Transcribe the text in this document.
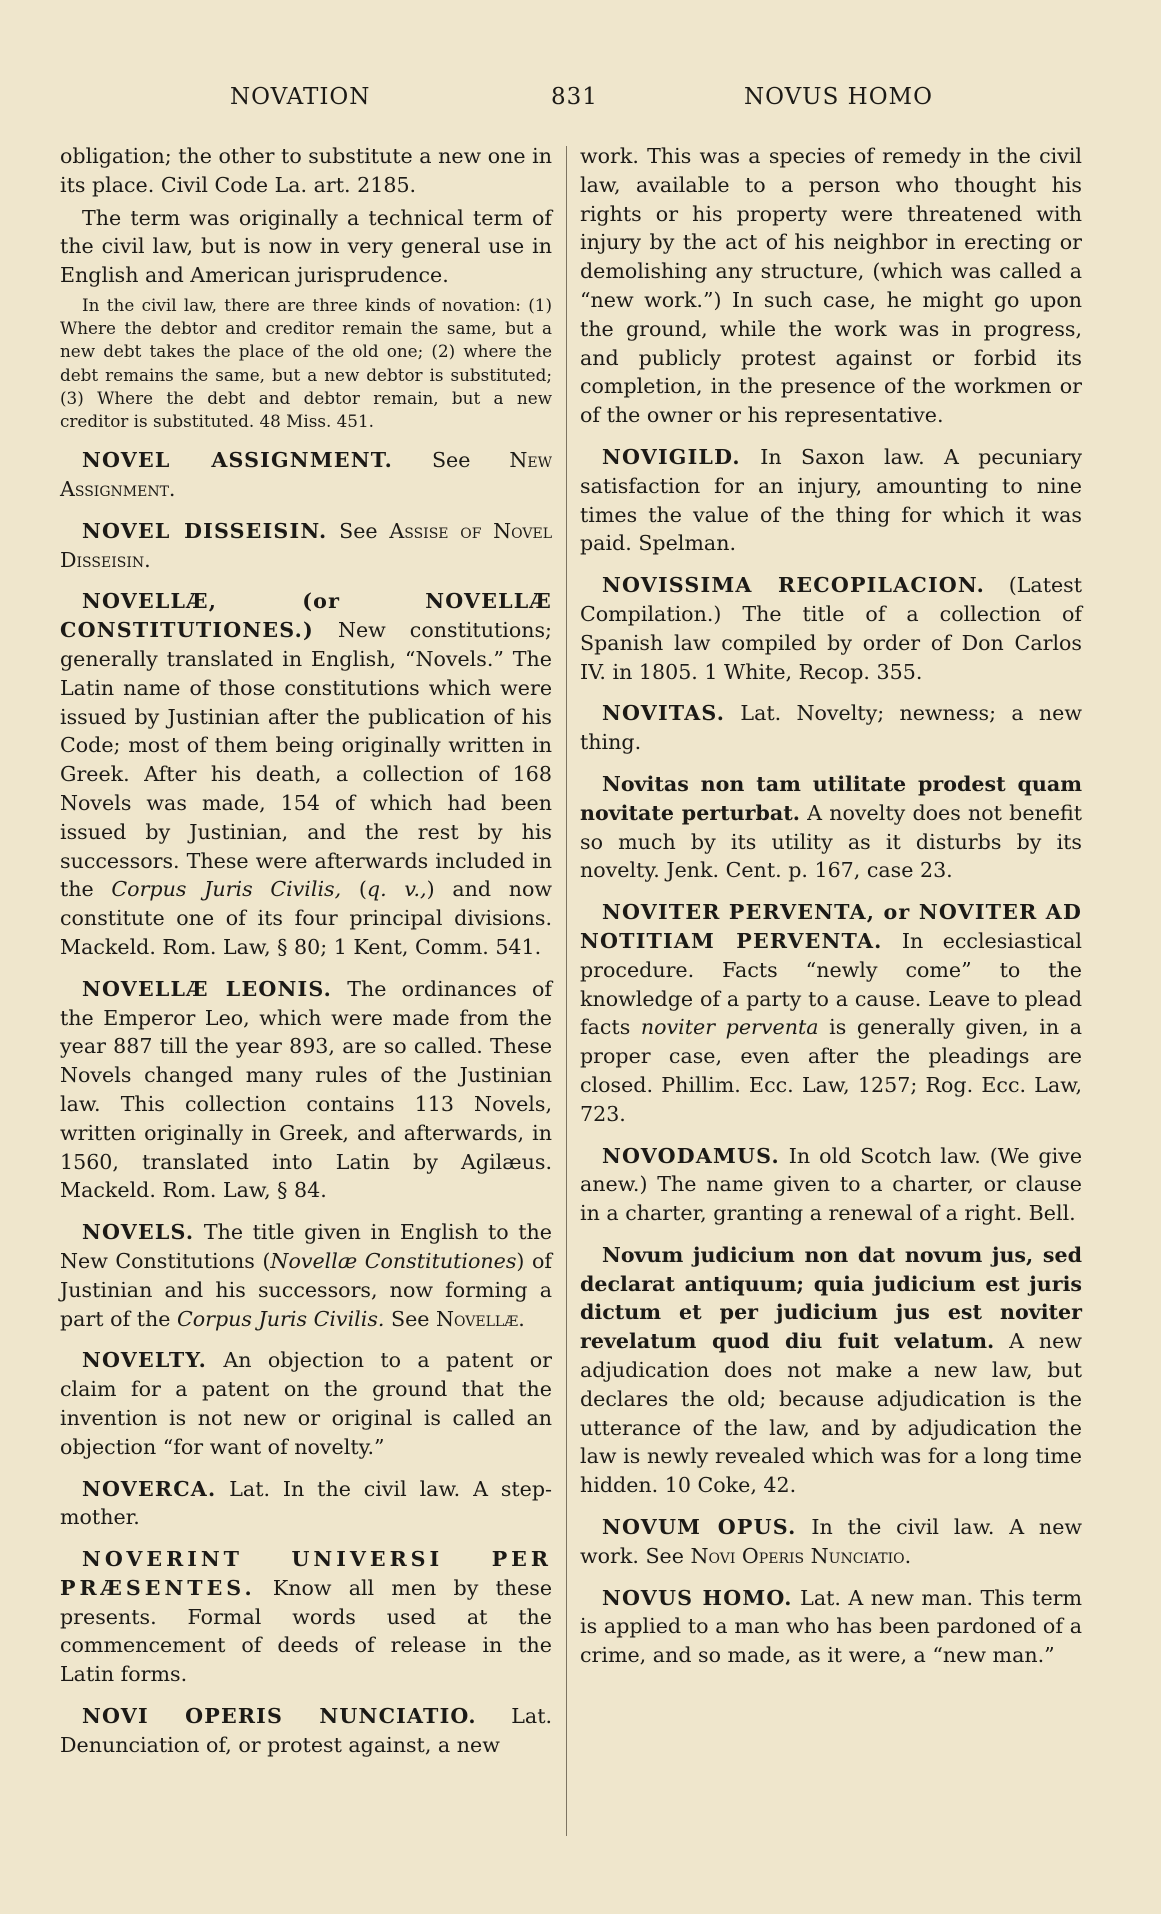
NOVATION	831	NOVUS HOMO

obligation; the other to substitute a new one in its place. Civil Code La. art. 2185.

The term was originally a technical term of the civil law, but is now in very general use in English and American jurisprudence.

In the civil law, there are three kinds of novation: (1) Where the debtor and creditor remain the same, but a new debt takes the place of the old one; (2) where the debt remains the same, but a new debtor is substituted; (3) Where the debt and debtor remain, but a new creditor is substituted. 48 Miss. 451.

NOVEL ASSIGNMENT. See New Assignment.

NOVEL DISSEISIN. See Assise of Novel Disseisin.

NOVELLÆ, (or NOVELLÆ CONSTITUTIONES.) New constitutions; generally translated in English, “Novels.” The Latin name of those constitutions which were issued by Justinian after the publication of his Code; most of them being originally written in Greek. After his death, a collection of 168 Novels was made, 154 of which had been issued by Justinian, and the rest by his successors. These were afterwards included in the Corpus Juris Civilis, (q. v.,) and now constitute one of its four principal divisions. Mackeld. Rom. Law, § 80; 1 Kent, Comm. 541.

NOVELLÆ LEONIS. The ordinances of the Emperor Leo, which were made from the year 887 till the year 893, are so called. These Novels changed many rules of the Justinian law. This collection contains 113 Novels, written originally in Greek, and afterwards, in 1560, translated into Latin by Agilæus. Mackeld. Rom. Law, § 84.

NOVELS. The title given in English to the New Constitutions (Novellæ Constitutiones) of Justinian and his successors, now forming a part of the Corpus Juris Civilis. See Novellæ.

NOVELTY. An objection to a patent or claim for a patent on the ground that the invention is not new or original is called an objection “for want of novelty.”

NOVERCA. Lat. In the civil law. A step-mother.

NOVERINT UNIVERSI PER PRÆSENTES. Know all men by these presents. Formal words used at the commencement of deeds of release in the Latin forms.

NOVI OPERIS NUNCIATIO. Lat. Denunciation of, or protest against, a new

work. This was a species of remedy in the civil law, available to a person who thought his rights or his property were threatened with injury by the act of his neighbor in erecting or demolishing any structure, (which was called a “new work.”) In such case, he might go upon the ground, while the work was in progress, and publicly protest against or forbid its completion, in the presence of the workmen or of the owner or his representative.

NOVIGILD. In Saxon law. A pecuniary satisfaction for an injury, amounting to nine times the value of the thing for which it was paid. Spelman.

NOVISSIMA RECOPILACION. (Latest Compilation.) The title of a collection of Spanish law compiled by order of Don Carlos IV. in 1805. 1 White, Recop. 355.

NOVITAS. Lat. Novelty; newness; a new thing.

Novitas non tam utilitate prodest quam novitate perturbat. A novelty does not benefit so much by its utility as it disturbs by its novelty. Jenk. Cent. p. 167, case 23.

NOVITER PERVENTA, or NOVITER AD NOTITIAM PERVENTA. In ecclesiastical procedure. Facts “newly come” to the knowledge of a party to a cause. Leave to plead facts noviter perventa is generally given, in a proper case, even after the pleadings are closed. Phillim. Ecc. Law, 1257; Rog. Ecc. Law, 723.

NOVODAMUS. In old Scotch law. (We give anew.) The name given to a charter, or clause in a charter, granting a renewal of a right. Bell.

Novum judicium non dat novum jus, sed declarat antiquum; quia judicium est juris dictum et per judicium jus est noviter revelatum quod diu fuit velatum. A new adjudication does not make a new law, but declares the old; because adjudication is the utterance of the law, and by adjudication the law is newly revealed which was for a long time hidden. 10 Coke, 42.

NOVUM OPUS. In the civil law. A new work. See Novi Operis Nunciatio.

NOVUS HOMO. Lat. A new man. This term is applied to a man who has been pardoned of a crime, and so made, as it were, a “new man.”
